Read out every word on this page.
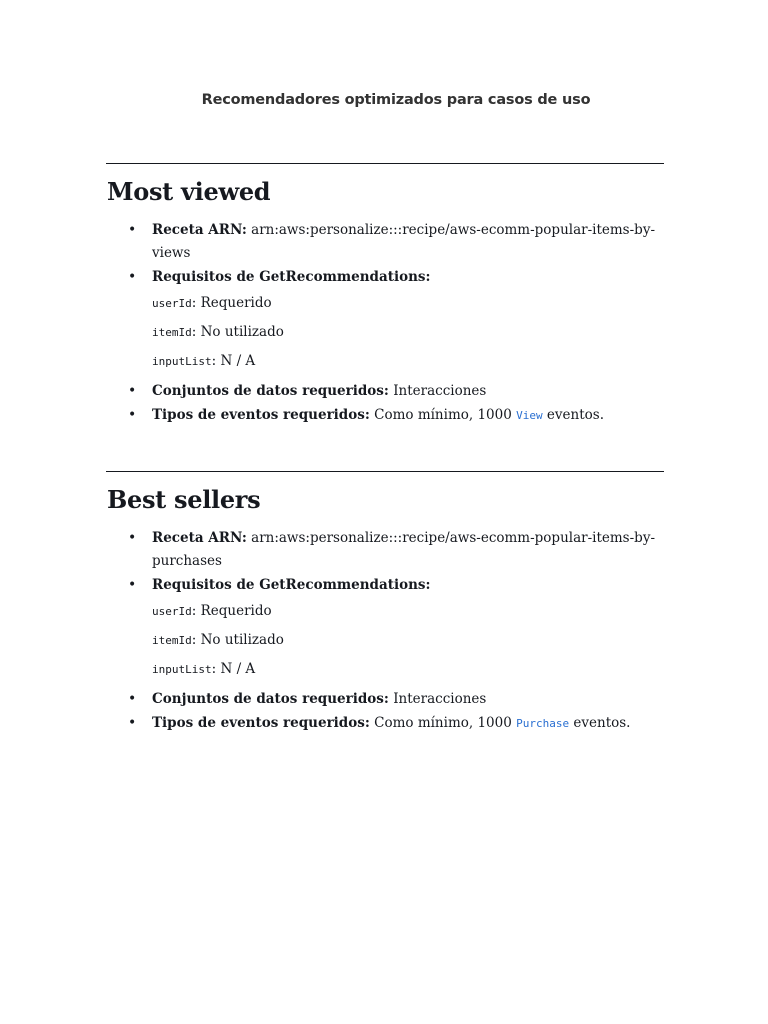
Recomendadores optimizados para casos de uso
Most viewed
• Receta ARN: arn:aws:personalize:::recipe/aws-ecomm-popular-items-by-views
• Requisitos de GetRecommendations:
userId: Requerido
itemId: No utilizado
inputList: N / A
• Conjuntos de datos requeridos: Interacciones
• Tipos de eventos requeridos: Como mínimo, 1000 View eventos.
Best sellers
• Receta ARN: arn:aws:personalize:::recipe/aws-ecomm-popular-items-by-purchases
• Requisitos de GetRecommendations:
userId: Requerido
itemId: No utilizado
inputList: N / A
• Conjuntos de datos requeridos: Interacciones
• Tipos de eventos requeridos: Como mínimo, 1000 Purchase eventos.
